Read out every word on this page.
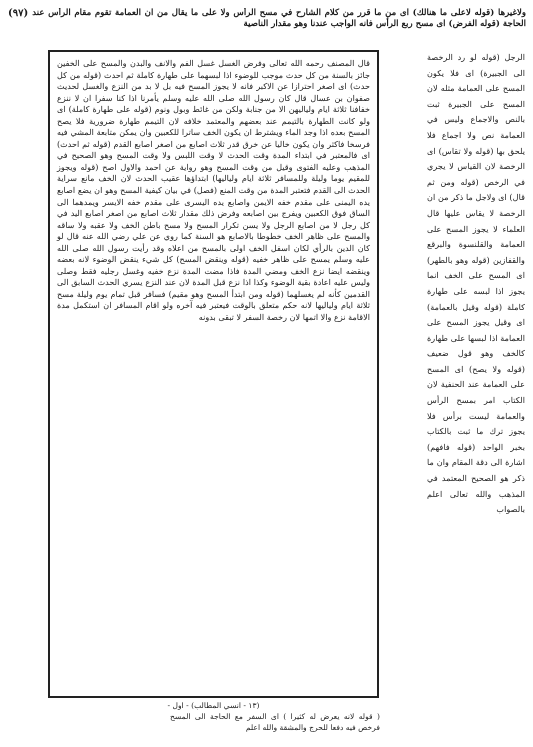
(٩٧) ولاغيرها (قوله لاعلى ما هنالك) اى من ما قرر من كلام الشارح في مسح الرأس ولا على ما يقال من ان العمامة تقوم مقام الرأس عند الحاجة (قوله الفرض) اى مسح ربع الرأس فانه الواجب عندنا وهو مقدار الناصية
الرجل (قوله لو رد الرخصة الى الجبيرة) اى فلا يكون المسح على العمامة مثله لان المسح على الجبيرة ثبت بالنص والاجماع وليس في العمامة نص ولا اجماع فلا يلحق بها (قوله ولا تقاس) اى الرخصة لان القياس لا يجري في الرخص (قوله ومن ثم قال) اى ولاجل ما ذكر من ان الرخصة لا يقاس عليها قال العلماء لا يجوز المسح على العمامة والقلنسوة والبرقع والقفازين (قوله وهو بالطهر) اى المسح على الخف انما يجوز اذا لبسه على طهارة كاملة (قوله وقيل بالعمامة) اى وقيل يجوز المسح على العمامة اذا لبسها على طهارة كالخف وهو قول ضعيف (قوله ولا يصح) اى المسح على العمامة عند الحنفية لان الكتاب امر بمسح الرأس والعمامة ليست برأس فلا يجوز ترك ما ثبت بالكتاب بخبر الواحد (قوله فافهم) اشارة الى دقة المقام وان ما ذكر هو الصحيح المعتمد في المذهب والله تعالى اعلم بالصواب

قال المصنف رحمه الله تعالى وفرض الغسل غسل الفم والانف والبدن والمسح على الخفين جائز بالسنة من كل حدث موجب للوضوء اذا لبسهما على طهارة كاملة ثم احدث (قوله من كل حدث) اى اصغر احترازا عن الاكبر فانه لا يجوز المسح فيه بل لا بد من النزع والغسل لحديث صفوان بن عسال قال كان رسول الله صلى الله عليه وسلم يأمرنا اذا كنا سفرا ان لا ننزع خفافنا ثلاثة ايام ولياليهن الا من جنابة ولكن من غائط وبول ونوم (قوله على طهارة كاملة) اى ولو كانت الطهارة بالتيمم عند بعضهم والمعتمد خلافه لان التيمم طهارة ضرورية فلا يصح المسح بعده اذا وجد الماء ويشترط ان يكون الخف ساترا للكعبين وان يمكن متابعة المشي فيه فرسخا فاكثر وان يكون خاليا عن خرق قدر ثلاث اصابع من اصغر اصابع القدم (قوله ثم احدث) اى فالمعتبر في ابتداء المدة وقت الحدث لا وقت اللبس ولا وقت المسح وهو الصحيح في المذهب وعليه الفتوى وقيل من وقت المسح وهو رواية عن احمد والاول اصح (قوله ويجوز للمقيم يوما وليلة وللمسافر ثلاثة ايام ولياليها) ابتداؤها عقيب الحدث لان الخف مانع سراية الحدث الى القدم فتعتبر المدة من وقت المنع (فصل) في بيان كيفية المسح وهو ان يضع اصابع يده اليمنى على مقدم خفه الايمن واصابع يده اليسرى على مقدم خفه الايسر ويمدهما الى الساق فوق الكعبين ويفرج بين اصابعه وفرض ذلك مقدار ثلاث اصابع من اصغر اصابع اليد في كل رجل لا من اصابع الرجل ولا يسن تكرار المسح ولا مسح باطن الخف ولا عقبه ولا ساقه والمسح على ظاهر الخف خطوطا بالاصابع هو السنة كما روي عن علي رضي الله عنه قال لو كان الدين بالرأي لكان اسفل الخف اولى بالمسح من اعلاه وقد رأيت رسول الله صلى الله عليه وسلم يمسح على ظاهر خفيه (قوله وينقض المسح) كل شيء ينقض الوضوء لانه بعضه وينقضه ايضا نزع الخف ومضي المدة فاذا مضت المدة نزع خفيه وغسل رجليه فقط وصلى وليس عليه اعادة بقية الوضوء وكذا اذا نزع قبل المدة لان عند النزع يسري الحدث السابق الى القدمين كأنه لم يغسلهما (قوله ومن ابتدأ المسح وهو مقيم) فسافر قبل تمام يوم وليلة مسح ثلاثة ايام ولياليها لانه حكم متعلق بالوقت فيعتبر فيه آخره ولو اقام المسافر ان استكمل مدة الاقامة نزع والا اتمها لان رخصة السفر لا تبقى بدونه

(١٣ - انسي المطالب) - اول -
( قوله لانه يعرض له كثيرا ) اى السفر مع الحاجة الى المسح فرخص فيه دفعا للحرج والمشقة والله اعلم
